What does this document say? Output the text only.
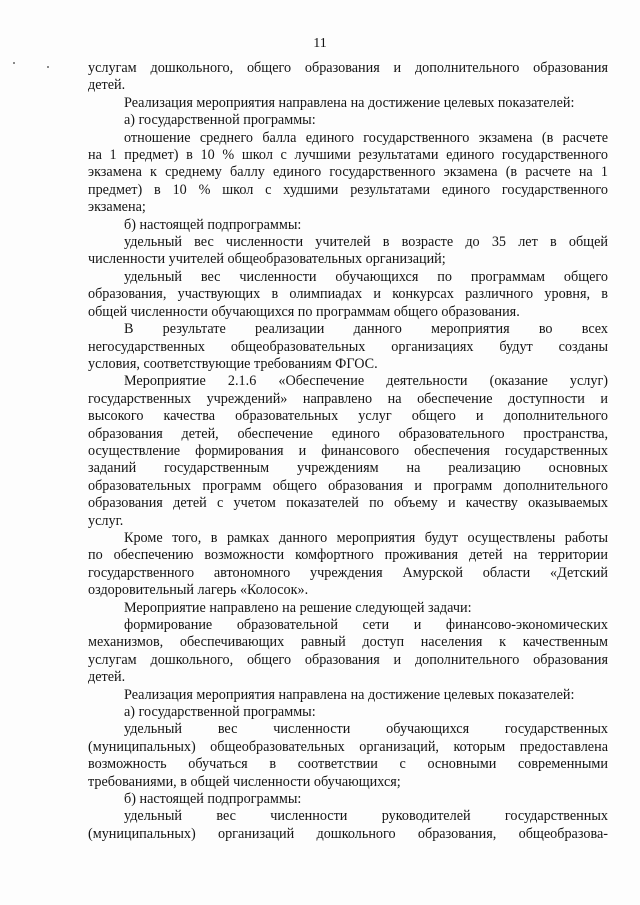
11

услугам дошкольного, общего образования и дополнительного образования

детей.

Реализация мероприятия направлена на достижение целевых показателей:

а) государственной программы:

отношение среднего балла единого государственного экзамена (в расчете

на 1 предмет) в 10 % школ с лучшими результатами единого государственного

экзамена к среднему баллу единого государственного экзамена (в расчете на 1

предмет) в 10 % школ с худшими результатами единого государственного

экзамена;

б) настоящей подпрограммы:

удельный вес численности учителей в возрасте до 35 лет в общей

численности учителей общеобразовательных организаций;

удельный вес численности обучающихся по программам общего

образования, участвующих в олимпиадах и конкурсах различного уровня, в

общей численности обучающихся по программам общего образования.

В результате реализации данного мероприятия во всех

негосударственных общеобразовательных организациях будут созданы

условия, соответствующие требованиям ФГОС.

Мероприятие 2.1.6 «Обеспечение деятельности (оказание услуг)

государственных учреждений» направлено на обеспечение доступности и

высокого качества образовательных услуг общего и дополнительного

образования детей, обеспечение единого образовательного пространства,

осуществление формирования и финансового обеспечения государственных

заданий государственным учреждениям на реализацию основных

образовательных программ общего образования и программ дополнительного

образования детей с учетом показателей по объему и качеству оказываемых

услуг.

Кроме того, в рамках данного мероприятия будут осуществлены работы

по обеспечению возможности комфортного проживания детей на территории

государственного автономного учреждения Амурской области «Детский

оздоровительный лагерь «Колосок».

Мероприятие направлено на решение следующей задачи:

формирование образовательной сети и финансово-экономических

механизмов, обеспечивающих равный доступ населения к качественным

услугам дошкольного, общего образования и дополнительного образования

детей.

Реализация мероприятия направлена на достижение целевых показателей:

а) государственной программы:

удельный вес численности обучающихся государственных

(муниципальных) общеобразовательных организаций, которым предоставлена

возможность обучаться в соответствии с основными современными

требованиями, в общей численности обучающихся;

б) настоящей подпрограммы:

удельный вес численности руководителей государственных

(муниципальных) организаций дошкольного образования, общеобразова-
